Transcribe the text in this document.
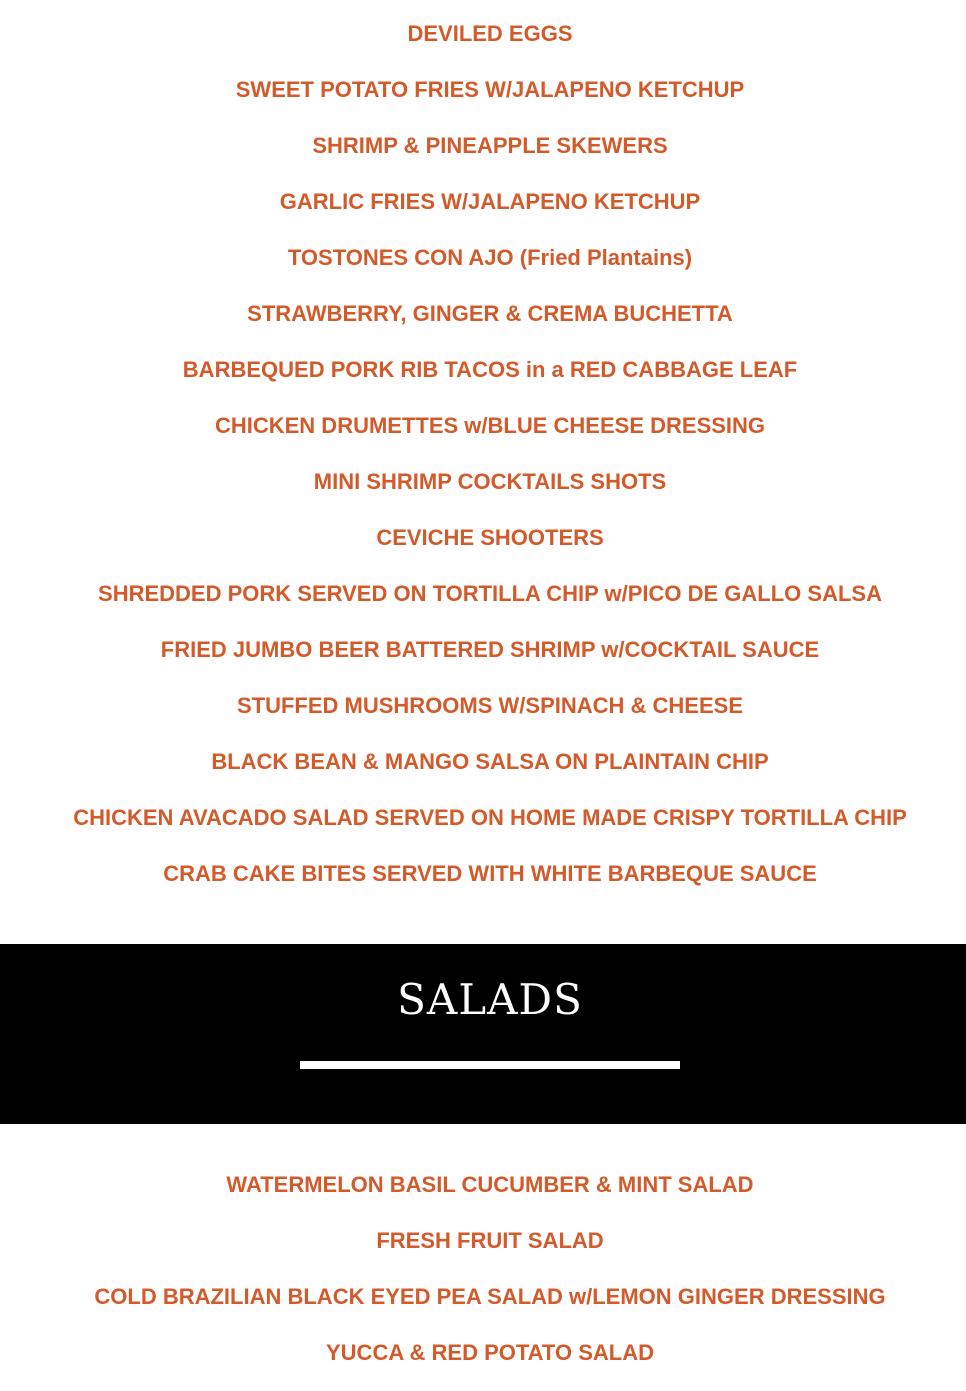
DEVILED EGGS
SWEET POTATO FRIES W/JALAPENO KETCHUP
SHRIMP & PINEAPPLE SKEWERS
GARLIC FRIES W/JALAPENO KETCHUP
TOSTONES CON AJO (Fried Plantains)
STRAWBERRY, GINGER & CREMA BUCHETTA
BARBEQUED PORK RIB TACOS in a RED CABBAGE LEAF
CHICKEN DRUMETTES w/BLUE CHEESE DRESSING
MINI SHRIMP COCKTAILS SHOTS
CEVICHE SHOOTERS
SHREDDED PORK SERVED ON TORTILLA CHIP w/PICO DE GALLO SALSA
FRIED JUMBO BEER BATTERED SHRIMP w/COCKTAIL SAUCE
STUFFED MUSHROOMS W/SPINACH & CHEESE
BLACK BEAN & MANGO SALSA ON PLAINTAIN CHIP
CHICKEN AVACADO SALAD SERVED ON HOME MADE CRISPY TORTILLA CHIP
CRAB CAKE BITES SERVED WITH WHITE BARBEQUE SAUCE
SALADS
WATERMELON BASIL CUCUMBER & MINT SALAD
FRESH FRUIT SALAD
COLD BRAZILIAN BLACK EYED PEA SALAD w/LEMON GINGER DRESSING
YUCCA & RED POTATO SALAD
